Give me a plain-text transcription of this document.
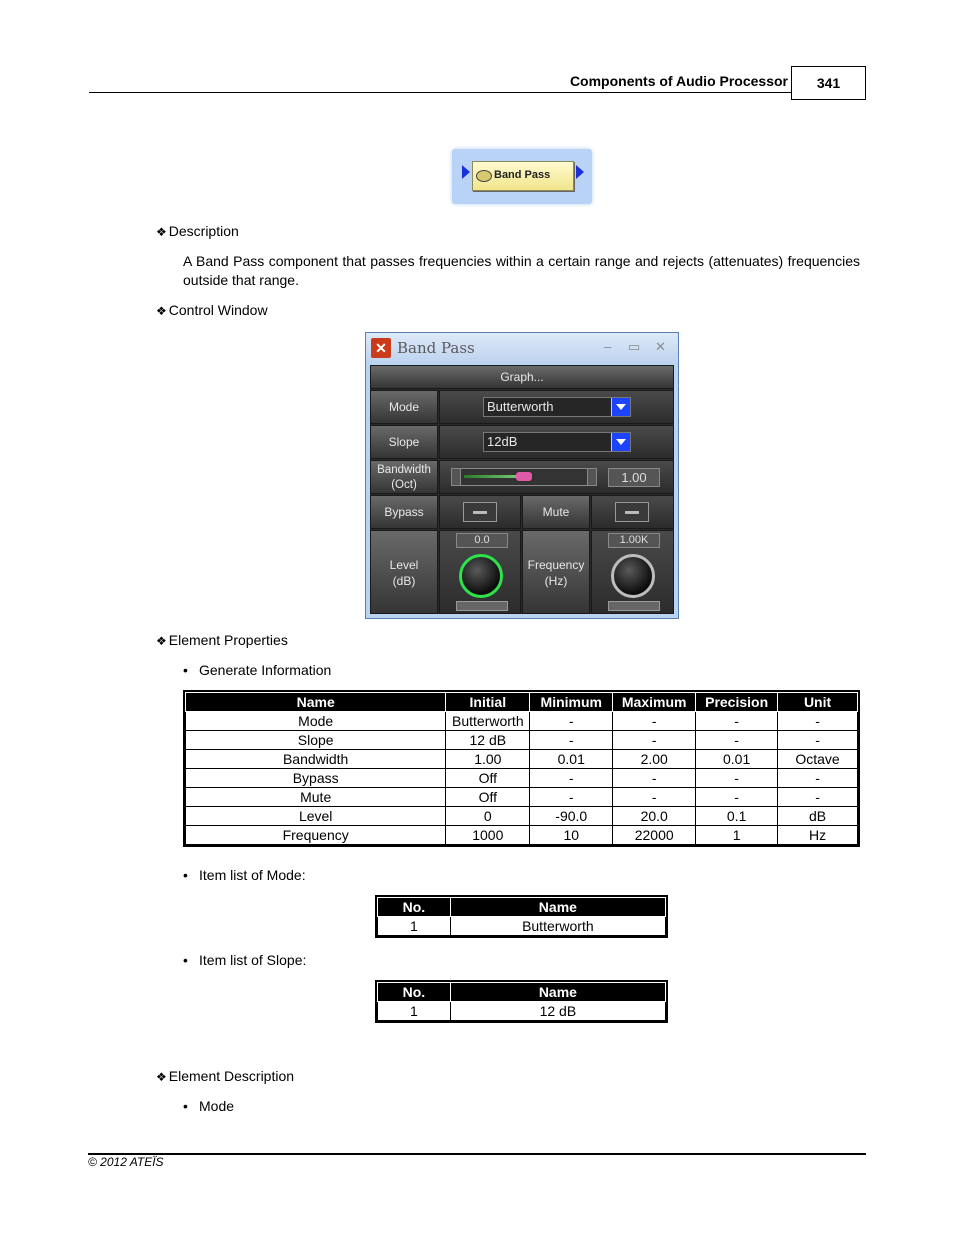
Components of Audio Processor	341
Band Pass
❖ Description
A Band Pass component that passes frequencies within a certain range and rejects (attenuates) frequencies outside that range.
❖ Control Window
✕ Band Pass	– ▭ ✕
Graph...
Mode	Butterworth
Slope	12dB
Bandwidth
(Oct)	1.00
Bypass	Mute
Level
(dB)
0.0
Frequency
(Hz)
1.00K
❖ Element Properties
• Generate Information
Name	Initial	Minimum	Maximum	Precision	Unit
Mode	Butterworth	-	-	-	-
Slope	12 dB	-	-	-	-
Bandwidth	1.00	0.01	2.00	0.01	Octave
Bypass	Off	-	-	-	-
Mute	Off	-	-	-	-
Level	0	-90.0	20.0	0.1	dB
Frequency	1000	10	22000	1	Hz
• Item list of Mode:
No.	Name
1	Butterworth
• Item list of Slope:
No.	Name
1	12 dB
❖ Element Description
• Mode
© 2012 ATEÏS
